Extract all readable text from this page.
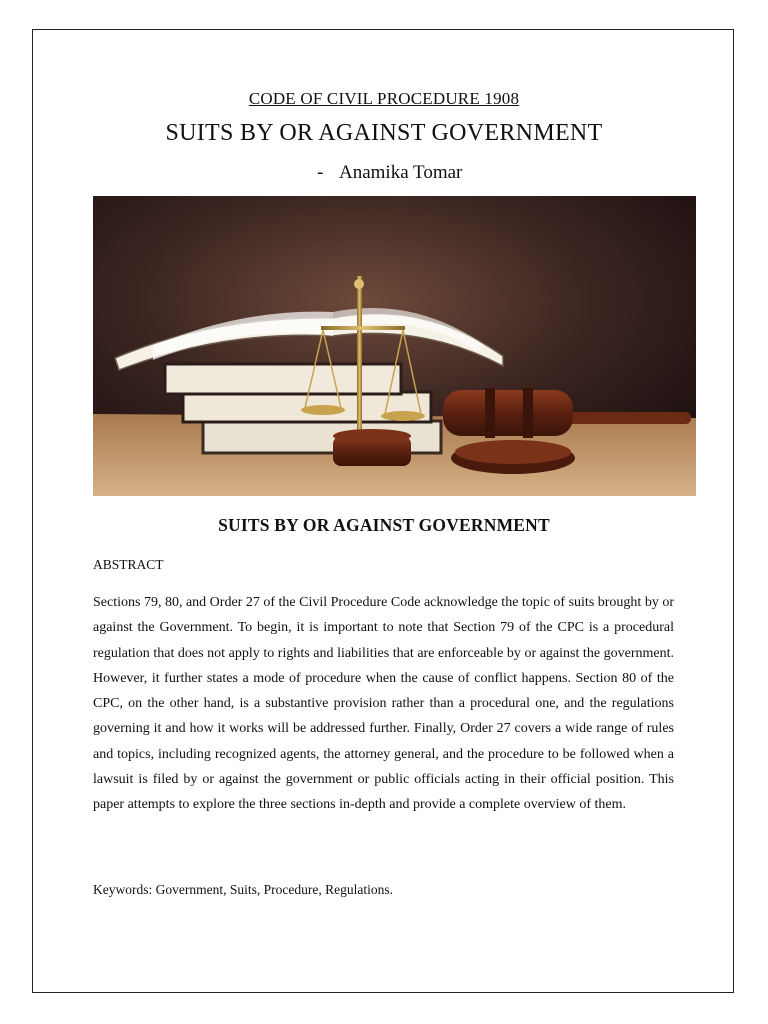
CODE OF CIVIL PROCEDURE 1908
SUITS BY OR AGAINST GOVERNMENT
- Anamika Tomar
SUITS BY OR AGAINST GOVERNMENT

ABSTRACT

Sections 79, 80, and Order 27 of the Civil Procedure Code acknowledge the topic of suits brought by or against the Government. To begin, it is important to note that Section 79 of the CPC is a procedural regulation that does not apply to rights and liabilities that are enforceable by or against the government. However, it further states a mode of procedure when the cause of conflict happens. Section 80 of the CPC, on the other hand, is a substantive provision rather than a procedural one, and the regulations governing it and how it works will be addressed further. Finally, Order 27 covers a wide range of rules and topics, including recognized agents, the attorney general, and the procedure to be followed when a lawsuit is filed by or against the government or public officials acting in their official position. This paper attempts to explore the three sections in-depth and provide a complete overview of them.

Keywords: Government, Suits, Procedure, Regulations.
